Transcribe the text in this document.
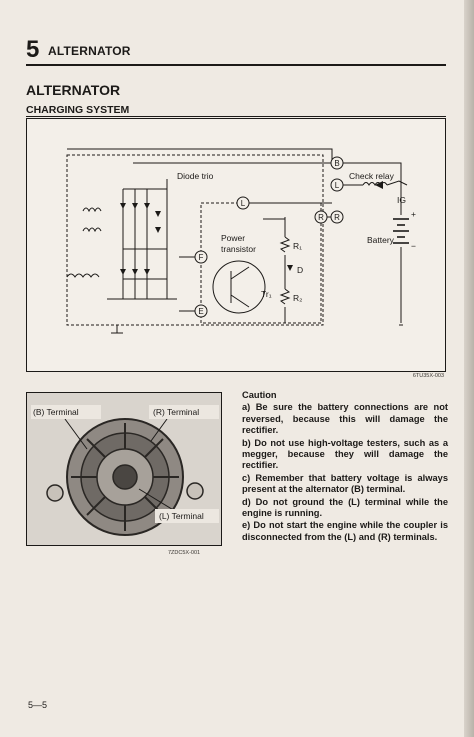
5 ALTERNATOR
ALTERNATOR
CHARGING SYSTEM
B
L
R
L
R
F
E
Diode trio	Check relay
IG
Battery
Power
transistor	R₁
D
Tr₁	R₂
+
−
6TU35X-003
(B) Terminal	(R) Terminal
(L) Terminal
7ZDC5X-001
Caution
a) Be sure the battery connections are not reversed, because this will damage the rectifier.
b) Do not use high-voltage testers, such as a megger, because they will damage the rectifier.
c) Remember that battery voltage is always present at the alternator (B) terminal.
d) Do not ground the (L) terminal while the engine is running.
e) Do not start the engine while the coupler is disconnected from the (L) and (R) terminals.
5—5
